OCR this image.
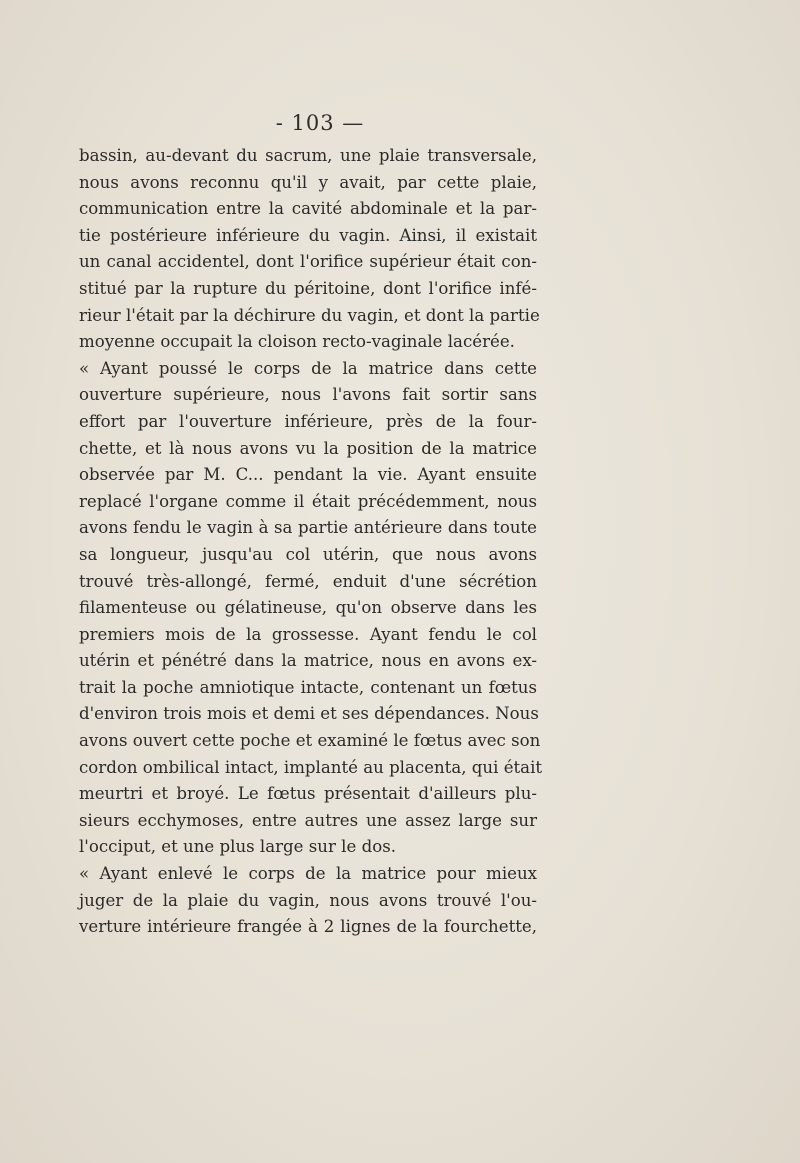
- 103 —
bassin, au-devant du sacrum, une plaie transversale,
nous avons reconnu qu'il y avait, par cette plaie,
communication entre la cavité abdominale et la par-
tie postérieure inférieure du vagin. Ainsi, il existait
un canal accidentel, dont l'orifice supérieur était con-
stitué par la rupture du péritoine, dont l'orifice infé-
rieur l'était par la déchirure du vagin, et dont la partie
moyenne occupait la cloison recto-vaginale lacérée.
« Ayant poussé le corps de la matrice dans cette
ouverture supérieure, nous l'avons fait sortir sans
effort par l'ouverture inférieure, près de la four-
chette, et là nous avons vu la position de la matrice
observée par M. C... pendant la vie. Ayant ensuite
replacé l'organe comme il était précédemment, nous
avons fendu le vagin à sa partie antérieure dans toute
sa longueur, jusqu'au col utérin, que nous avons
trouvé très-allongé, fermé, enduit d'une sécrétion
filamenteuse ou gélatineuse, qu'on observe dans les
premiers mois de la grossesse. Ayant fendu le col
utérin et pénétré dans la matrice, nous en avons ex-
trait la poche amniotique intacte, contenant un fœtus
d'environ trois mois et demi et ses dépendances. Nous
avons ouvert cette poche et examiné le fœtus avec son
cordon ombilical intact, implanté au placenta, qui était
meurtri et broyé. Le fœtus présentait d'ailleurs plu-
sieurs ecchymoses, entre autres une assez large sur
l'occiput, et une plus large sur le dos.
« Ayant enlevé le corps de la matrice pour mieux
juger de la plaie du vagin, nous avons trouvé l'ou-
verture intérieure frangée à 2 lignes de la fourchette,
